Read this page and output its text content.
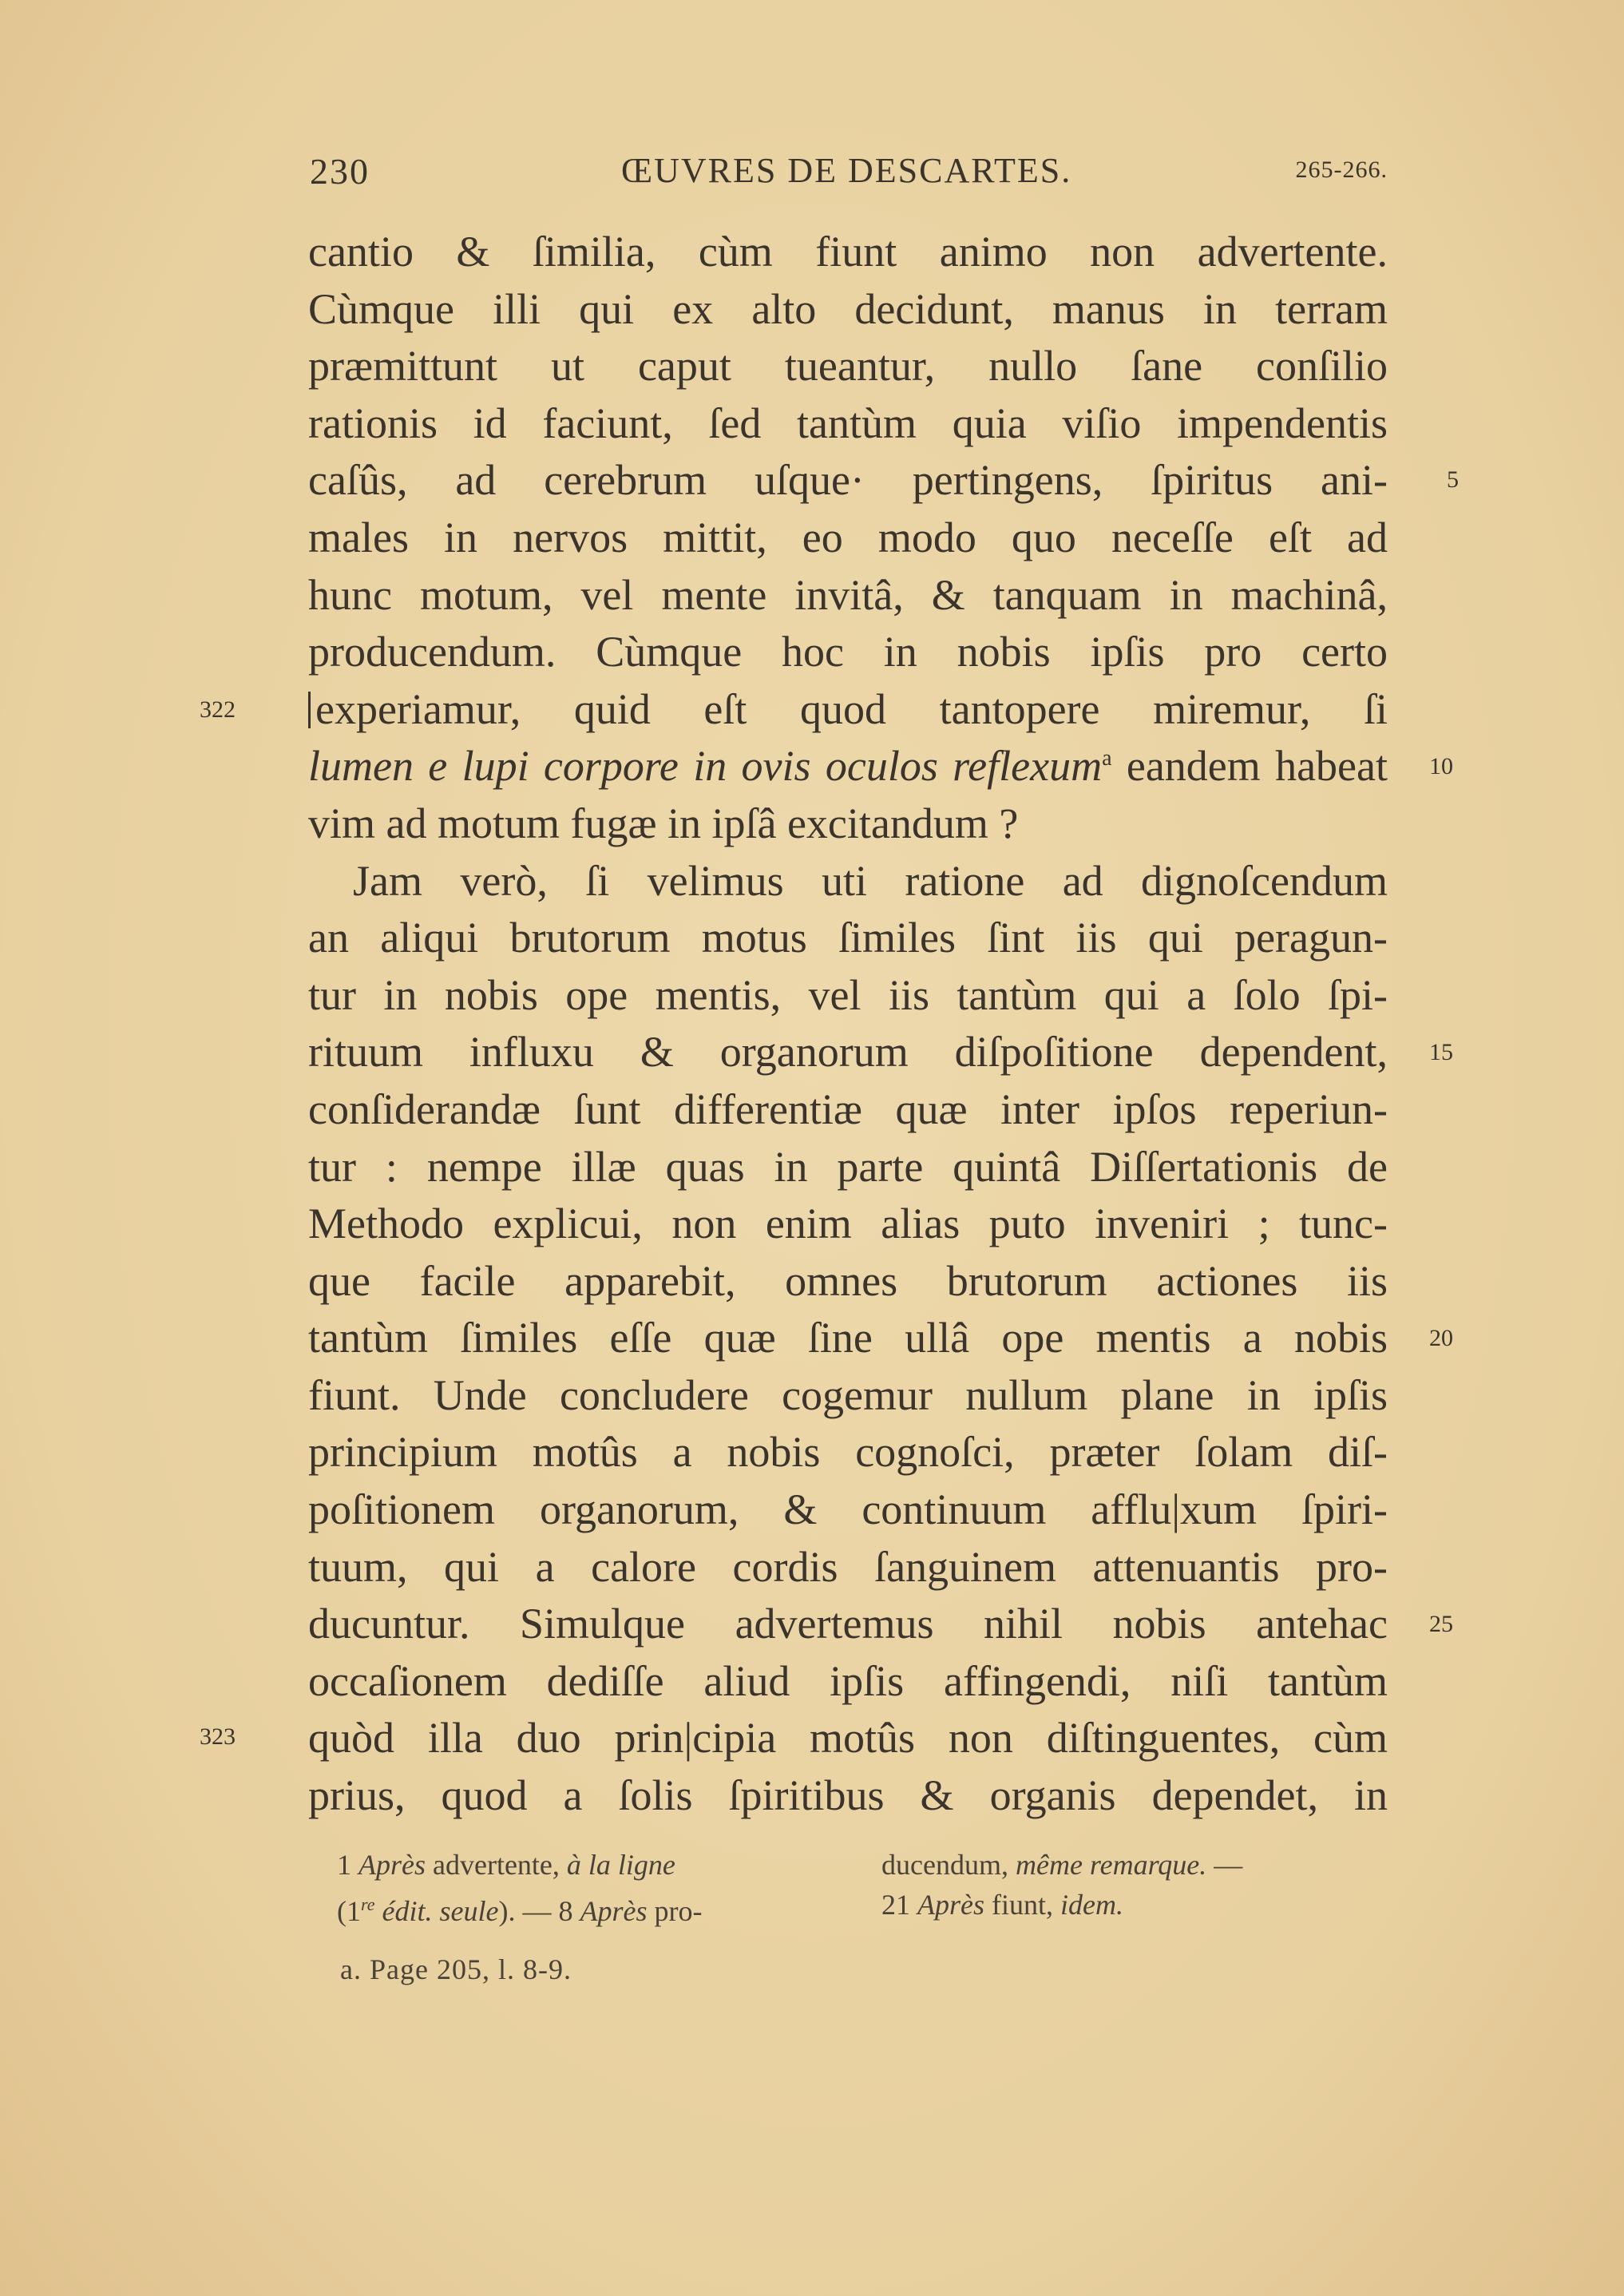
230	ŒUVRES DE DESCARTES.	265-266.
cantio & ſimilia, cùm fiunt animo non advertente.
Cùmque illi qui ex alto decidunt, manus in terram
præmittunt ut caput tueantur, nullo ſane conſilio
rationis id faciunt, ſed tantùm quia viſio impendentis
caſûs, ad cerebrum uſque· pertingens, ſpiritus ani-
males in nervos mittit, eo modo quo neceſſe eſt ad
hunc motum, vel mente invitâ, & tanquam in machinâ,
producendum. Cùmque hoc in nobis ipſis pro certo
experiamur, quid eſt quod tantopere miremur, ſi
lumen e lupi corpore in ovis oculos reflexum$^a$ eandem habeat
vim ad motum fugæ in ipſâ excitandum ?
Jam verò, ſi velimus uti ratione ad dignoſcendum
an aliqui brutorum motus ſimiles ſint iis qui peragun-
tur in nobis ope mentis, vel iis tantùm qui a ſolo ſpi-
rituum influxu & organorum diſpoſitione dependent,
conſiderandæ ſunt differentiæ quæ inter ipſos reperiun-
tur : nempe illæ quas in parte quintâ Diſſertationis de
Methodo explicui, non enim alias puto inveniri ; tunc-
que facile apparebit, omnes brutorum actiones iis
tantùm ſimiles eſſe quæ ſine ullâ ope mentis a nobis
fiunt. Unde concludere cogemur nullum plane in ipſis
principium motûs a nobis cognoſci, præter ſolam diſ-
poſitionem organorum, & continuum afflu|xum ſpiri-
tuum, qui a calore cordis ſanguinem attenuantis pro-
ducuntur. Simulque advertemus nihil nobis antehac
occaſionem dediſſe aliud ipſis affingendi, niſi tantùm
quòd illa duo prin|cipia motûs non diſtinguentes, cùm
prius, quod a ſolis ſpiritibus & organis dependet, in
322
323
5
10
15
20
25
1 Après advertente, à la ligne
(1re édit. seule). — 8 Après pro-
ducendum, même remarque. —
21 Après fiunt, idem.
a. Page 205, l. 8-9.
